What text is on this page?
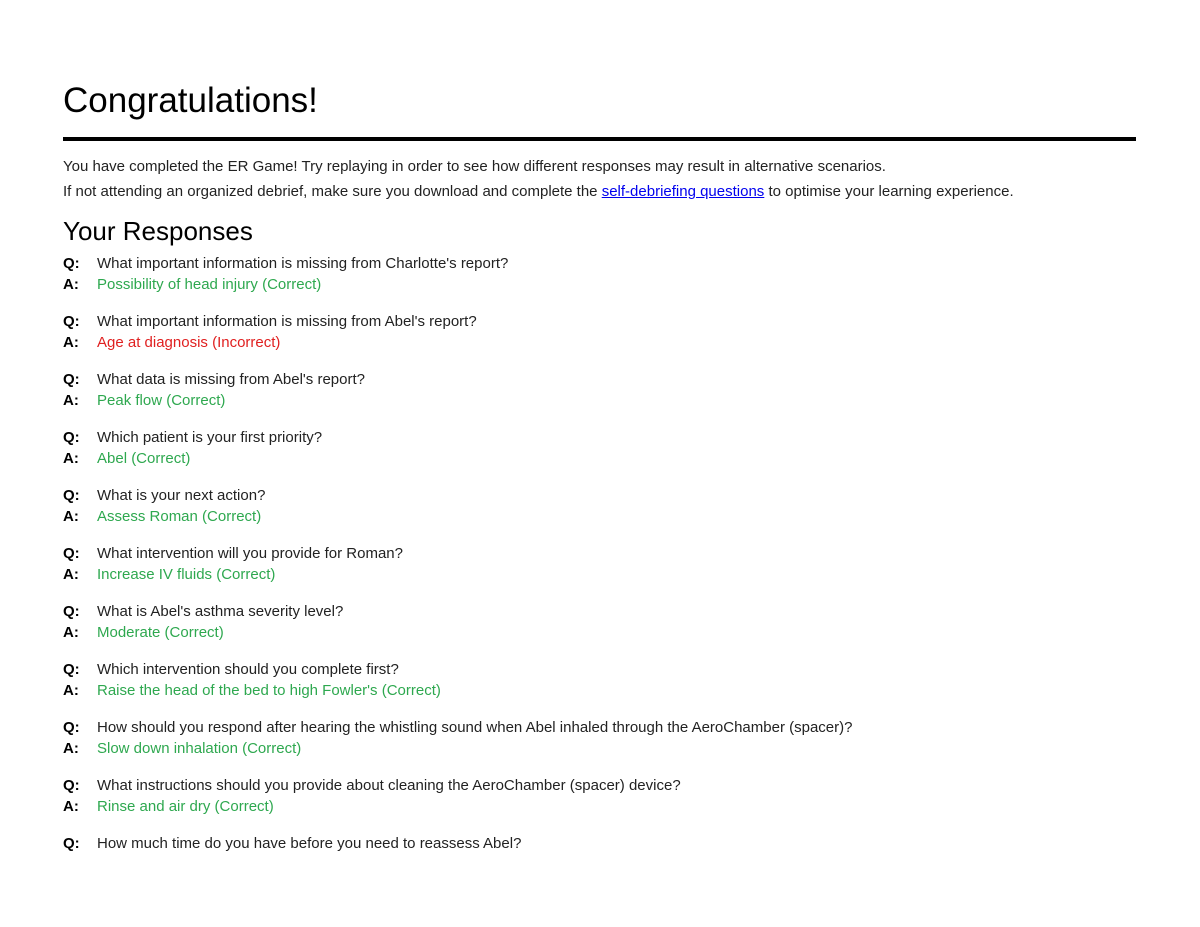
Congratulations!

You have completed the ER Game! Try replaying in order to see how different responses may result in alternative scenarios.

If not attending an organized debrief, make sure you download and complete the self-debriefing questions to optimise your learning experience.

Your Responses
Q:	What important information is missing from Charlotte's report?
A:	Possibility of head injury (Correct)
Q:	What important information is missing from Abel's report?
A:	Age at diagnosis (Incorrect)
Q:	What data is missing from Abel's report?
A:	Peak flow (Correct)
Q:	Which patient is your first priority?
A:	Abel (Correct)
Q:	What is your next action?
A:	Assess Roman (Correct)
Q:	What intervention will you provide for Roman?
A:	Increase IV fluids (Correct)
Q:	What is Abel's asthma severity level?
A:	Moderate (Correct)
Q:	Which intervention should you complete first?
A:	Raise the head of the bed to high Fowler's (Correct)
Q:	How should you respond after hearing the whistling sound when Abel inhaled through the AeroChamber (spacer)?
A:	Slow down inhalation (Correct)
Q:	What instructions should you provide about cleaning the AeroChamber (spacer) device?
A:	Rinse and air dry (Correct)
Q:	How much time do you have before you need to reassess Abel?
